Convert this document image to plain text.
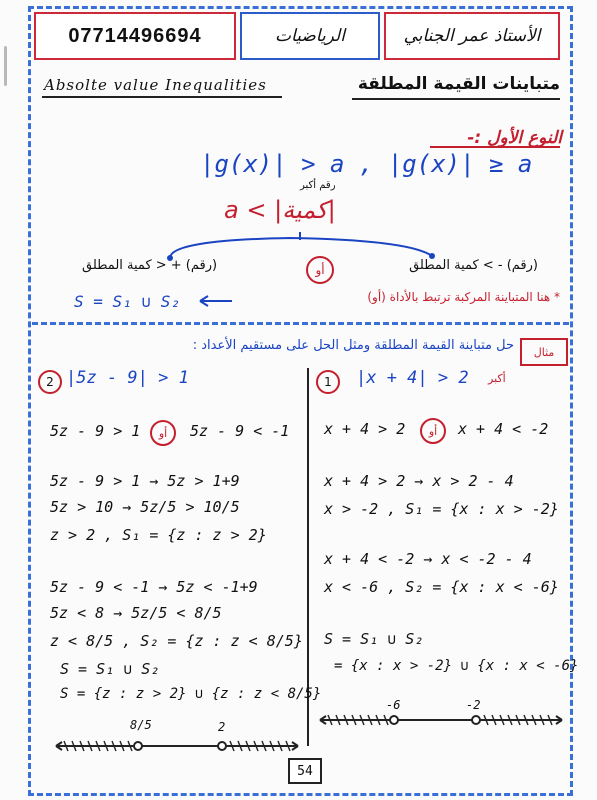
07714496694	الرياضيات	الأستاذ عمر الجنابي
Absolte value Inequalities	متباينات القيمة المطلقة
النوع الأول :-
|g(x)| > a , |g(x)| ≥ a
رقم أكبر
a < |كمية|
(رقم) + < كمية المطلق	أو	(رقم) - > كمية المطلق
S = S₁ ∪ S₂	* هنا المتباينة المركبة ترتبط بالأداة (أو)
مثال
حل متباينة القيمة المطلقة ومثل الحل على مستقيم الأعداد :
2 |5z - 9| > 1
5z - 9 > 1	أو	5z - 9 < -1
5z - 9 > 1 → 5z > 1+9
5z > 10 → 5z/5 > 10/5
z > 2 , S₁ = {z : z > 2}
5z - 9 < -1 → 5z < -1+9
5z < 8 → 5z/5 < 8/5
z < 8/5 , S₂ = {z : z < 8/5}
S = S₁ ∪ S₂
S = {z : z > 2} ∪ {z : z < 8/5}
8/5	2
1	|x + 4| > 2 أكبر
x + 4 > 2	أو	x + 4 < -2
x + 4 > 2 → x > 2 - 4
x > -2 , S₁ = {x : x > -2}
x + 4 < -2 → x < -2 - 4
x < -6 , S₂ = {x : x < -6}
S = S₁ ∪ S₂
= {x : x > -2} ∪ {x : x < -6}
-6	-2
54
